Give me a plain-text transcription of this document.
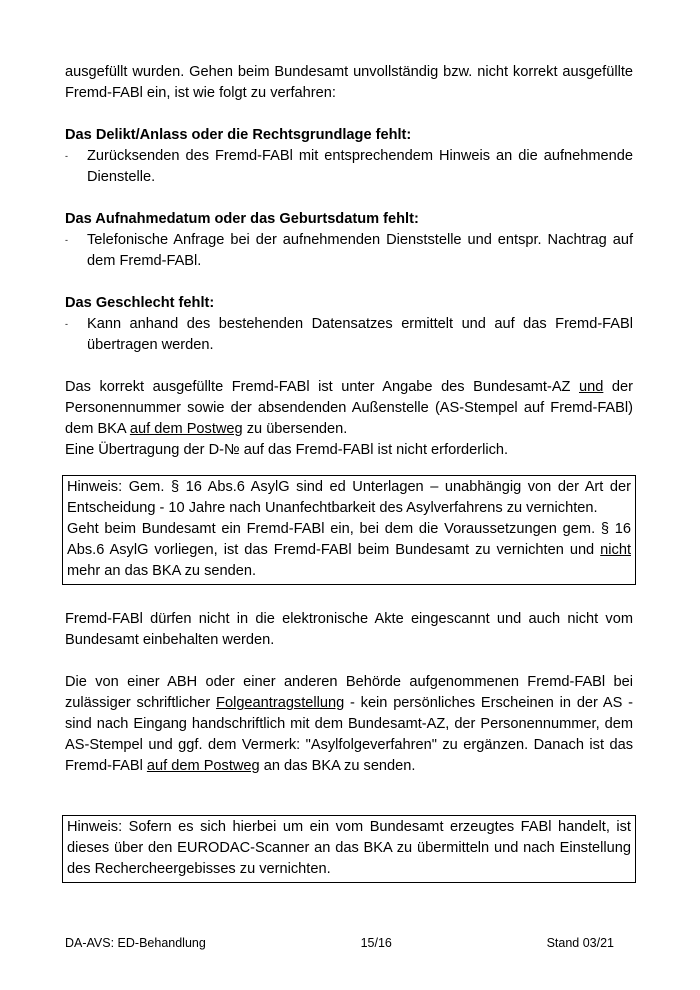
ausgefüllt wurden. Gehen beim Bundesamt unvollständig bzw. nicht korrekt ausgefüllte Fremd-FABl ein, ist wie folgt zu verfahren:

Das Delikt/Anlass oder die Rechtsgrundlage fehlt:

-	Zurücksenden des Fremd-FABl mit entsprechendem Hinweis an die aufnehmende Dienstelle.

Das Aufnahmedatum oder das Geburtsdatum fehlt:

-	Telefonische Anfrage bei der aufnehmenden Dienststelle und entspr. Nachtrag auf dem Fremd-FABl.

Das Geschlecht fehlt:

-	Kann anhand des bestehenden Datensatzes ermittelt und auf das Fremd-FABl übertragen werden.

Das korrekt ausgefüllte Fremd-FABl ist unter Angabe des Bundesamt-AZ und der Personennummer sowie der absendenden Außenstelle (AS-Stempel auf Fremd-FABl) dem BKA auf dem Postweg zu übersenden.

Eine Übertragung der D-№ auf das Fremd-FABl ist nicht erforderlich.

Hinweis: Gem. § 16 Abs.6 AsylG sind ed Unterlagen – unabhängig von der Art der Entscheidung - 10 Jahre nach Unanfechtbarkeit des Asylverfahrens zu vernichten.

Geht beim Bundesamt ein Fremd-FABl ein, bei dem die Voraussetzungen gem. § 16 Abs.6 AsylG vorliegen, ist das Fremd-FABl beim Bundesamt zu vernichten und nicht mehr an das BKA zu senden.

Fremd-FABl dürfen nicht in die elektronische Akte eingescannt und auch nicht vom Bundesamt einbehalten werden.

Die von einer ABH oder einer anderen Behörde aufgenommenen Fremd-FABl bei zulässiger schriftlicher Folgeantragstellung - kein persönliches Erscheinen in der AS - sind nach Eingang handschriftlich mit dem Bundesamt-AZ, der Personennummer, dem AS-Stempel und ggf. dem Vermerk: "Asylfolgeverfahren" zu ergänzen. Danach ist das Fremd-FABl auf dem Postweg an das BKA zu senden.

Hinweis: Sofern es sich hierbei um ein vom Bundesamt erzeugtes FABl handelt, ist dieses über den EURODAC-Scanner an das BKA zu übermitteln und nach Einstellung des Rechercheergebisses zu vernichten.

DA-AVS: ED-Behandlung	15/16	Stand 03/21
